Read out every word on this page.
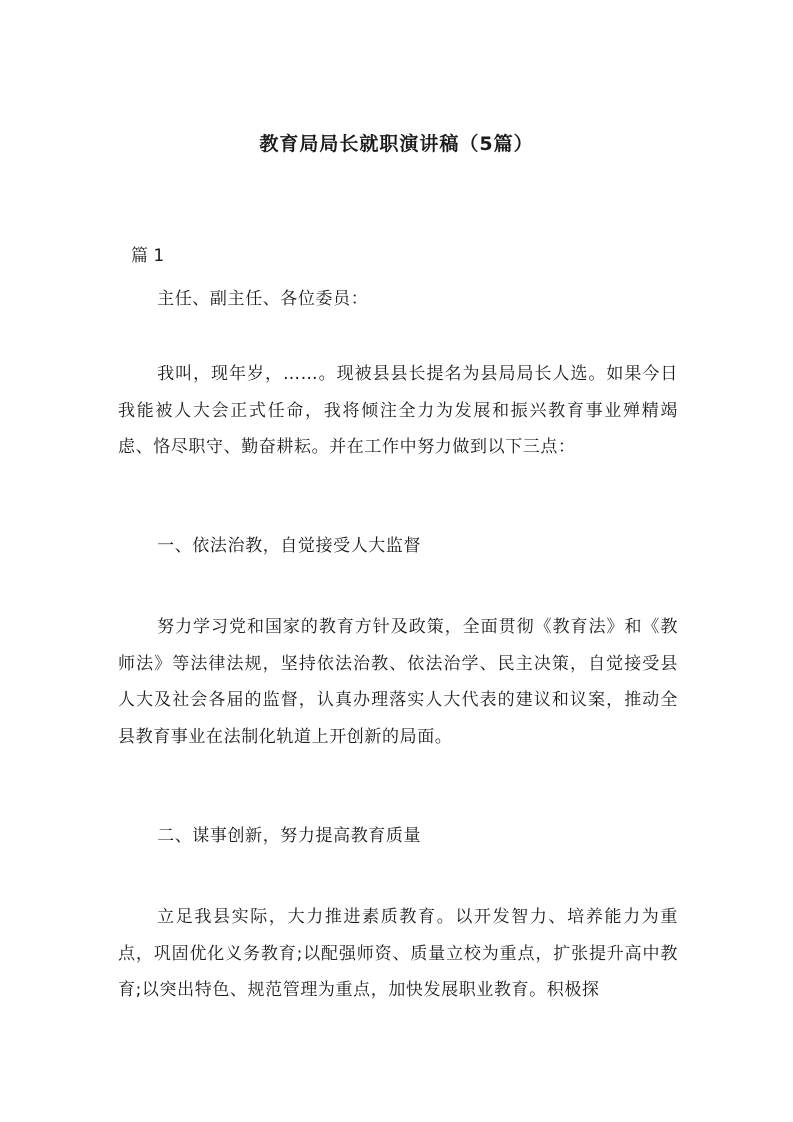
教育局局长就职演讲稿（5篇）
篇 1

主任、副主任、各位委员：

我叫，现年岁，……。现被县县长提名为县局局长人选。如果今日我能被人大会正式任命，我将倾注全力为发展和振兴教育事业殚精竭虑、恪尽职守、勤奋耕耘。并在工作中努力做到以下三点：

一、依法治教，自觉接受人大监督

努力学习党和国家的教育方针及政策，全面贯彻《教育法》和《教师法》等法律法规，坚持依法治教、依法治学、民主决策，自觉接受县人大及社会各届的监督，认真办理落实人大代表的建议和议案，推动全县教育事业在法制化轨道上开创新的局面。

二、谋事创新，努力提高教育质量

立足我县实际，大力推进素质教育。以开发智力、培养能力为重点，巩固优化义务教育;以配强师资、质量立校为重点，扩张提升高中教育;以突出特色、规范管理为重点，加快发展职业教育。积极探
